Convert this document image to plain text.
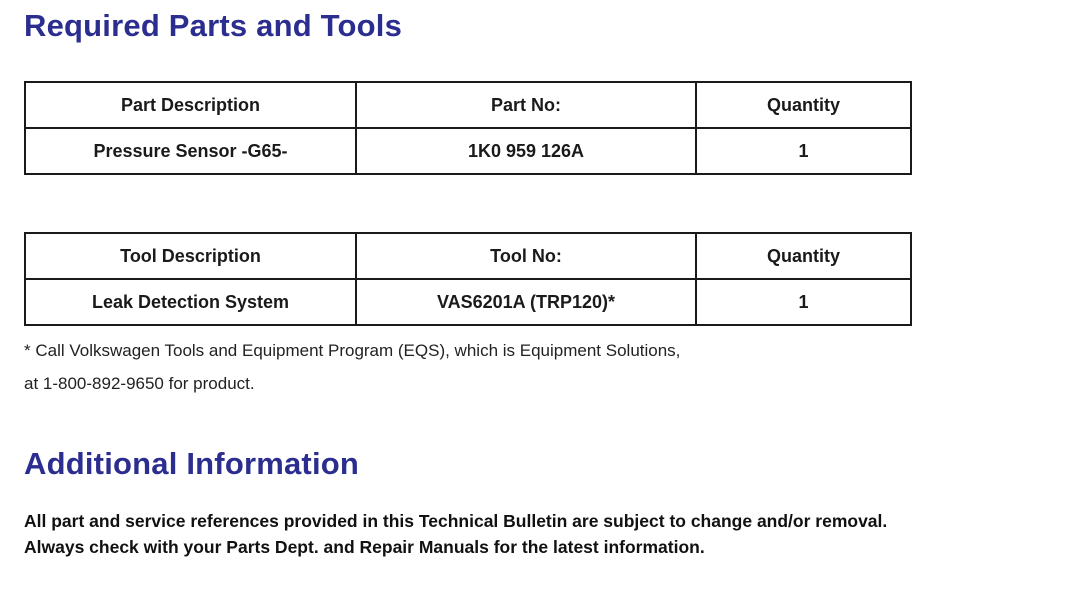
Required Parts and Tools
Part Description	Part No:	Quantity
Pressure Sensor -G65-	1K0 959 126A	1
Tool Description	Tool No:	Quantity
Leak Detection System	VAS6201A (TRP120)*	1

* Call Volkswagen Tools and Equipment Program (EQS), which is Equipment Solutions,

at 1-800-892-9650 for product.

Additional Information

All part and service references provided in this Technical Bulletin are subject to change and/or removal.

Always check with your Parts Dept. and Repair Manuals for the latest information.
